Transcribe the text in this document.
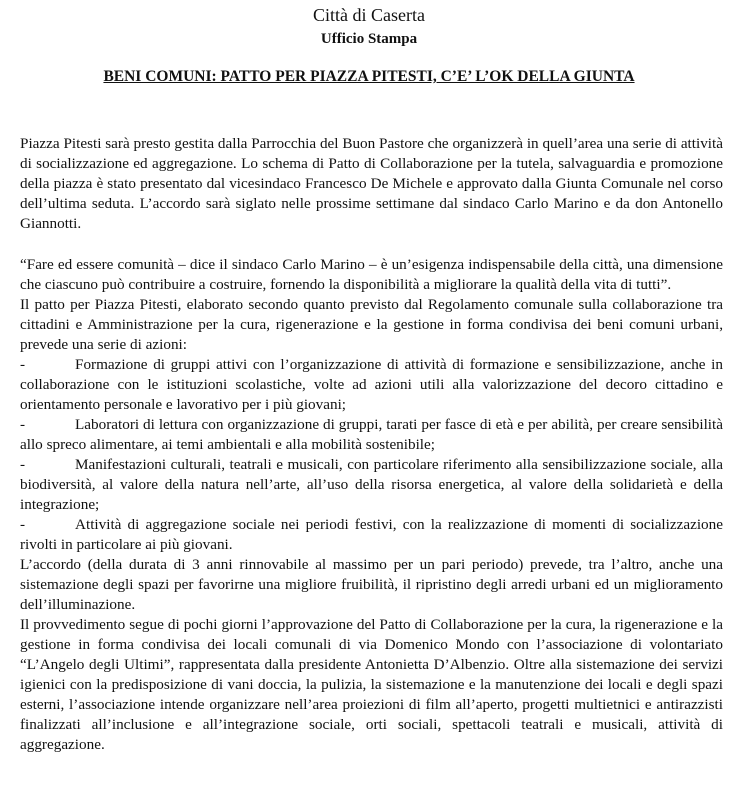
Città di Caserta
Ufficio Stampa
BENI COMUNI: PATTO PER PIAZZA PITESTI, C’E’ L’OK DELLA GIUNTA

Piazza Pitesti sarà presto gestita dalla Parrocchia del Buon Pastore che organizzerà in quell’area una serie di attività di socializzazione ed aggregazione. Lo schema di Patto di Collaborazione per la tutela, salvaguardia e promozione della piazza è stato presentato dal vicesindaco Francesco De Michele e approvato dalla Giunta Comunale nel corso dell’ultima seduta. L’accordo sarà siglato nelle prossime settimane dal sindaco Carlo Marino e da don Antonello Giannotti.

“Fare ed essere comunità – dice il sindaco Carlo Marino – è un’esigenza indispensabile della città, una dimensione che ciascuno può contribuire a costruire, fornendo la disponibilità a migliorare la qualità della vita di tutti”.

Il patto per Piazza Pitesti, elaborato secondo quanto previsto dal Regolamento comunale sulla collaborazione tra cittadini e Amministrazione per la cura, rigenerazione e la gestione in forma condivisa dei beni comuni urbani, prevede una serie di azioni:

-	Formazione di gruppi attivi con l’organizzazione di attività di formazione e sensibilizzazione, anche in collaborazione con le istituzioni scolastiche, volte ad azioni utili alla valorizzazione del decoro cittadino e orientamento personale e lavorativo per i più giovani;
-	Laboratori di lettura con organizzazione di gruppi, tarati per fasce di età e per abilità, per creare sensibilità allo spreco alimentare, ai temi ambientali e alla mobilità sostenibile;
-	Manifestazioni culturali, teatrali e musicali, con particolare riferimento alla sensibilizzazione sociale, alla biodiversità, al valore della natura nell’arte, all’uso della risorsa energetica, al valore della solidarietà e della integrazione;
-	Attività di aggregazione sociale nei periodi festivi, con la realizzazione di momenti di socializzazione rivolti in particolare ai più giovani.

L’accordo (della durata di 3 anni rinnovabile al massimo per un pari periodo) prevede, tra l’altro, anche una sistemazione degli spazi per favorirne una migliore fruibilità, il ripristino degli arredi urbani ed un miglioramento dell’illuminazione.

Il provvedimento segue di pochi giorni l’approvazione del Patto di Collaborazione per la cura, la rigenerazione e la gestione in forma condivisa dei locali comunali di via Domenico Mondo con l’associazione di volontariato “L’Angelo degli Ultimi”, rappresentata dalla presidente Antonietta D’Albenzio. Oltre alla sistemazione dei servizi igienici con la predisposizione di vani doccia, la pulizia, la sistemazione e la manutenzione dei locali e degli spazi esterni, l’associazione intende organizzare nell’area proiezioni di film all’aperto, progetti multietnici e antirazzisti finalizzati all’inclusione e all’integrazione sociale, orti sociali, spettacoli teatrali e musicali, attività di aggregazione.
